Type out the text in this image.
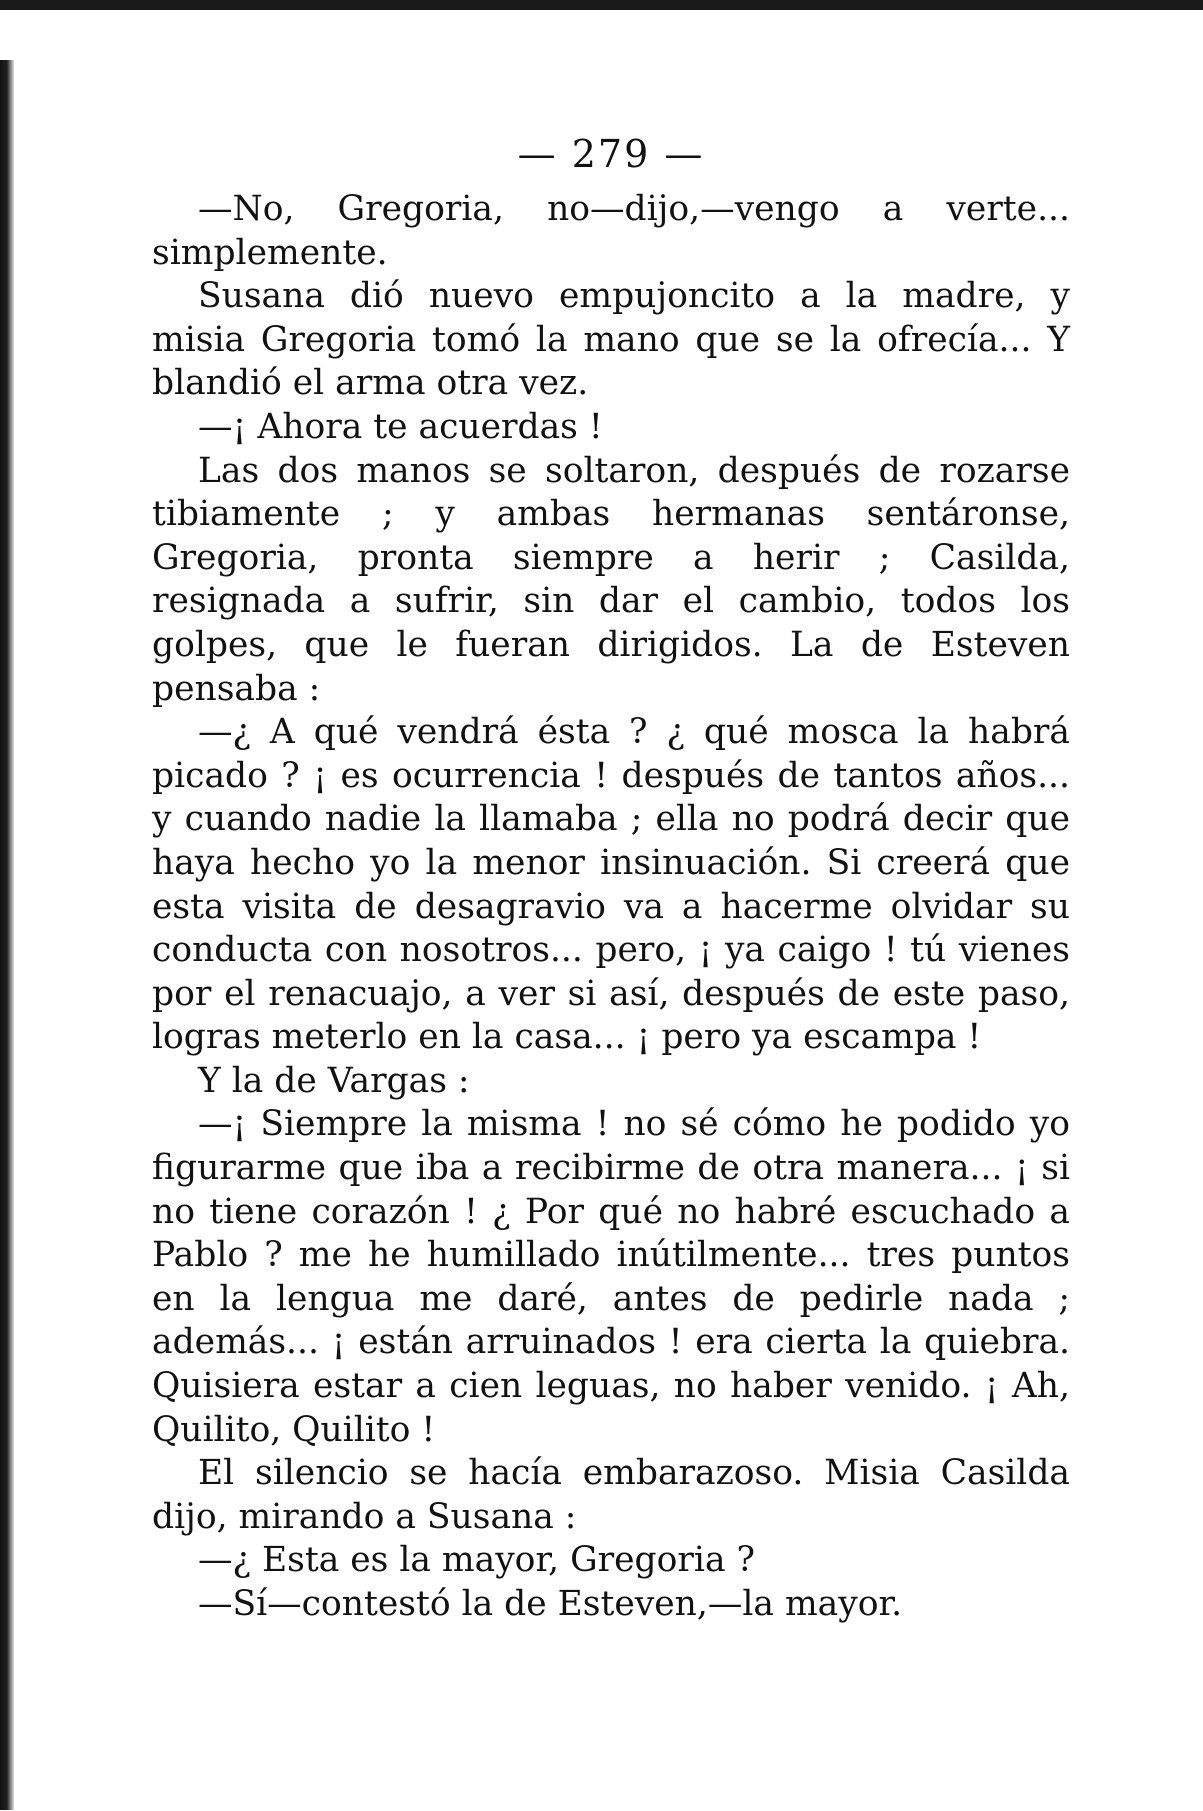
— 279 —

—No, Gregoria, no—dijo,—vengo a verte... simplemente.

Susana dió nuevo empujoncito a la madre, y misia Gregoria tomó la mano que se la ofrecía... Y blandió el arma otra vez.

—¡ Ahora te acuerdas !

Las dos manos se soltaron, después de rozarse tibiamente ; y ambas hermanas sentáronse, Gregoria, pronta siempre a herir ; Casilda, resignada a sufrir, sin dar el cambio, todos los golpes, que le fueran dirigidos. La de Esteven pensaba :

—¿ A qué vendrá ésta ? ¿ qué mosca la habrá picado ? ¡ es ocurrencia ! después de tantos años... y cuando nadie la llamaba ; ella no podrá decir que haya hecho yo la menor insinuación. Si creerá que esta visita de desagravio va a hacerme olvidar su conducta con nosotros... pero, ¡ ya caigo ! tú vienes por el renacuajo, a ver si así, después de este paso, logras meterlo en la casa... ¡ pero ya escampa !

Y la de Vargas :

—¡ Siempre la misma ! no sé cómo he podido yo figurarme que iba a recibirme de otra manera... ¡ si no tiene corazón ! ¿ Por qué no habré escuchado a Pablo ? me he humillado inútilmente... tres puntos en la lengua me daré, antes de pedirle nada ; además... ¡ están arruinados ! era cierta la quiebra. Quisiera estar a cien leguas, no haber venido. ¡ Ah, Quilito, Quilito !

El silencio se hacía embarazoso. Misia Casilda dijo, mirando a Susana :

—¿ Esta es la mayor, Gregoria ?

—Sí—contestó la de Esteven,—la mayor.
